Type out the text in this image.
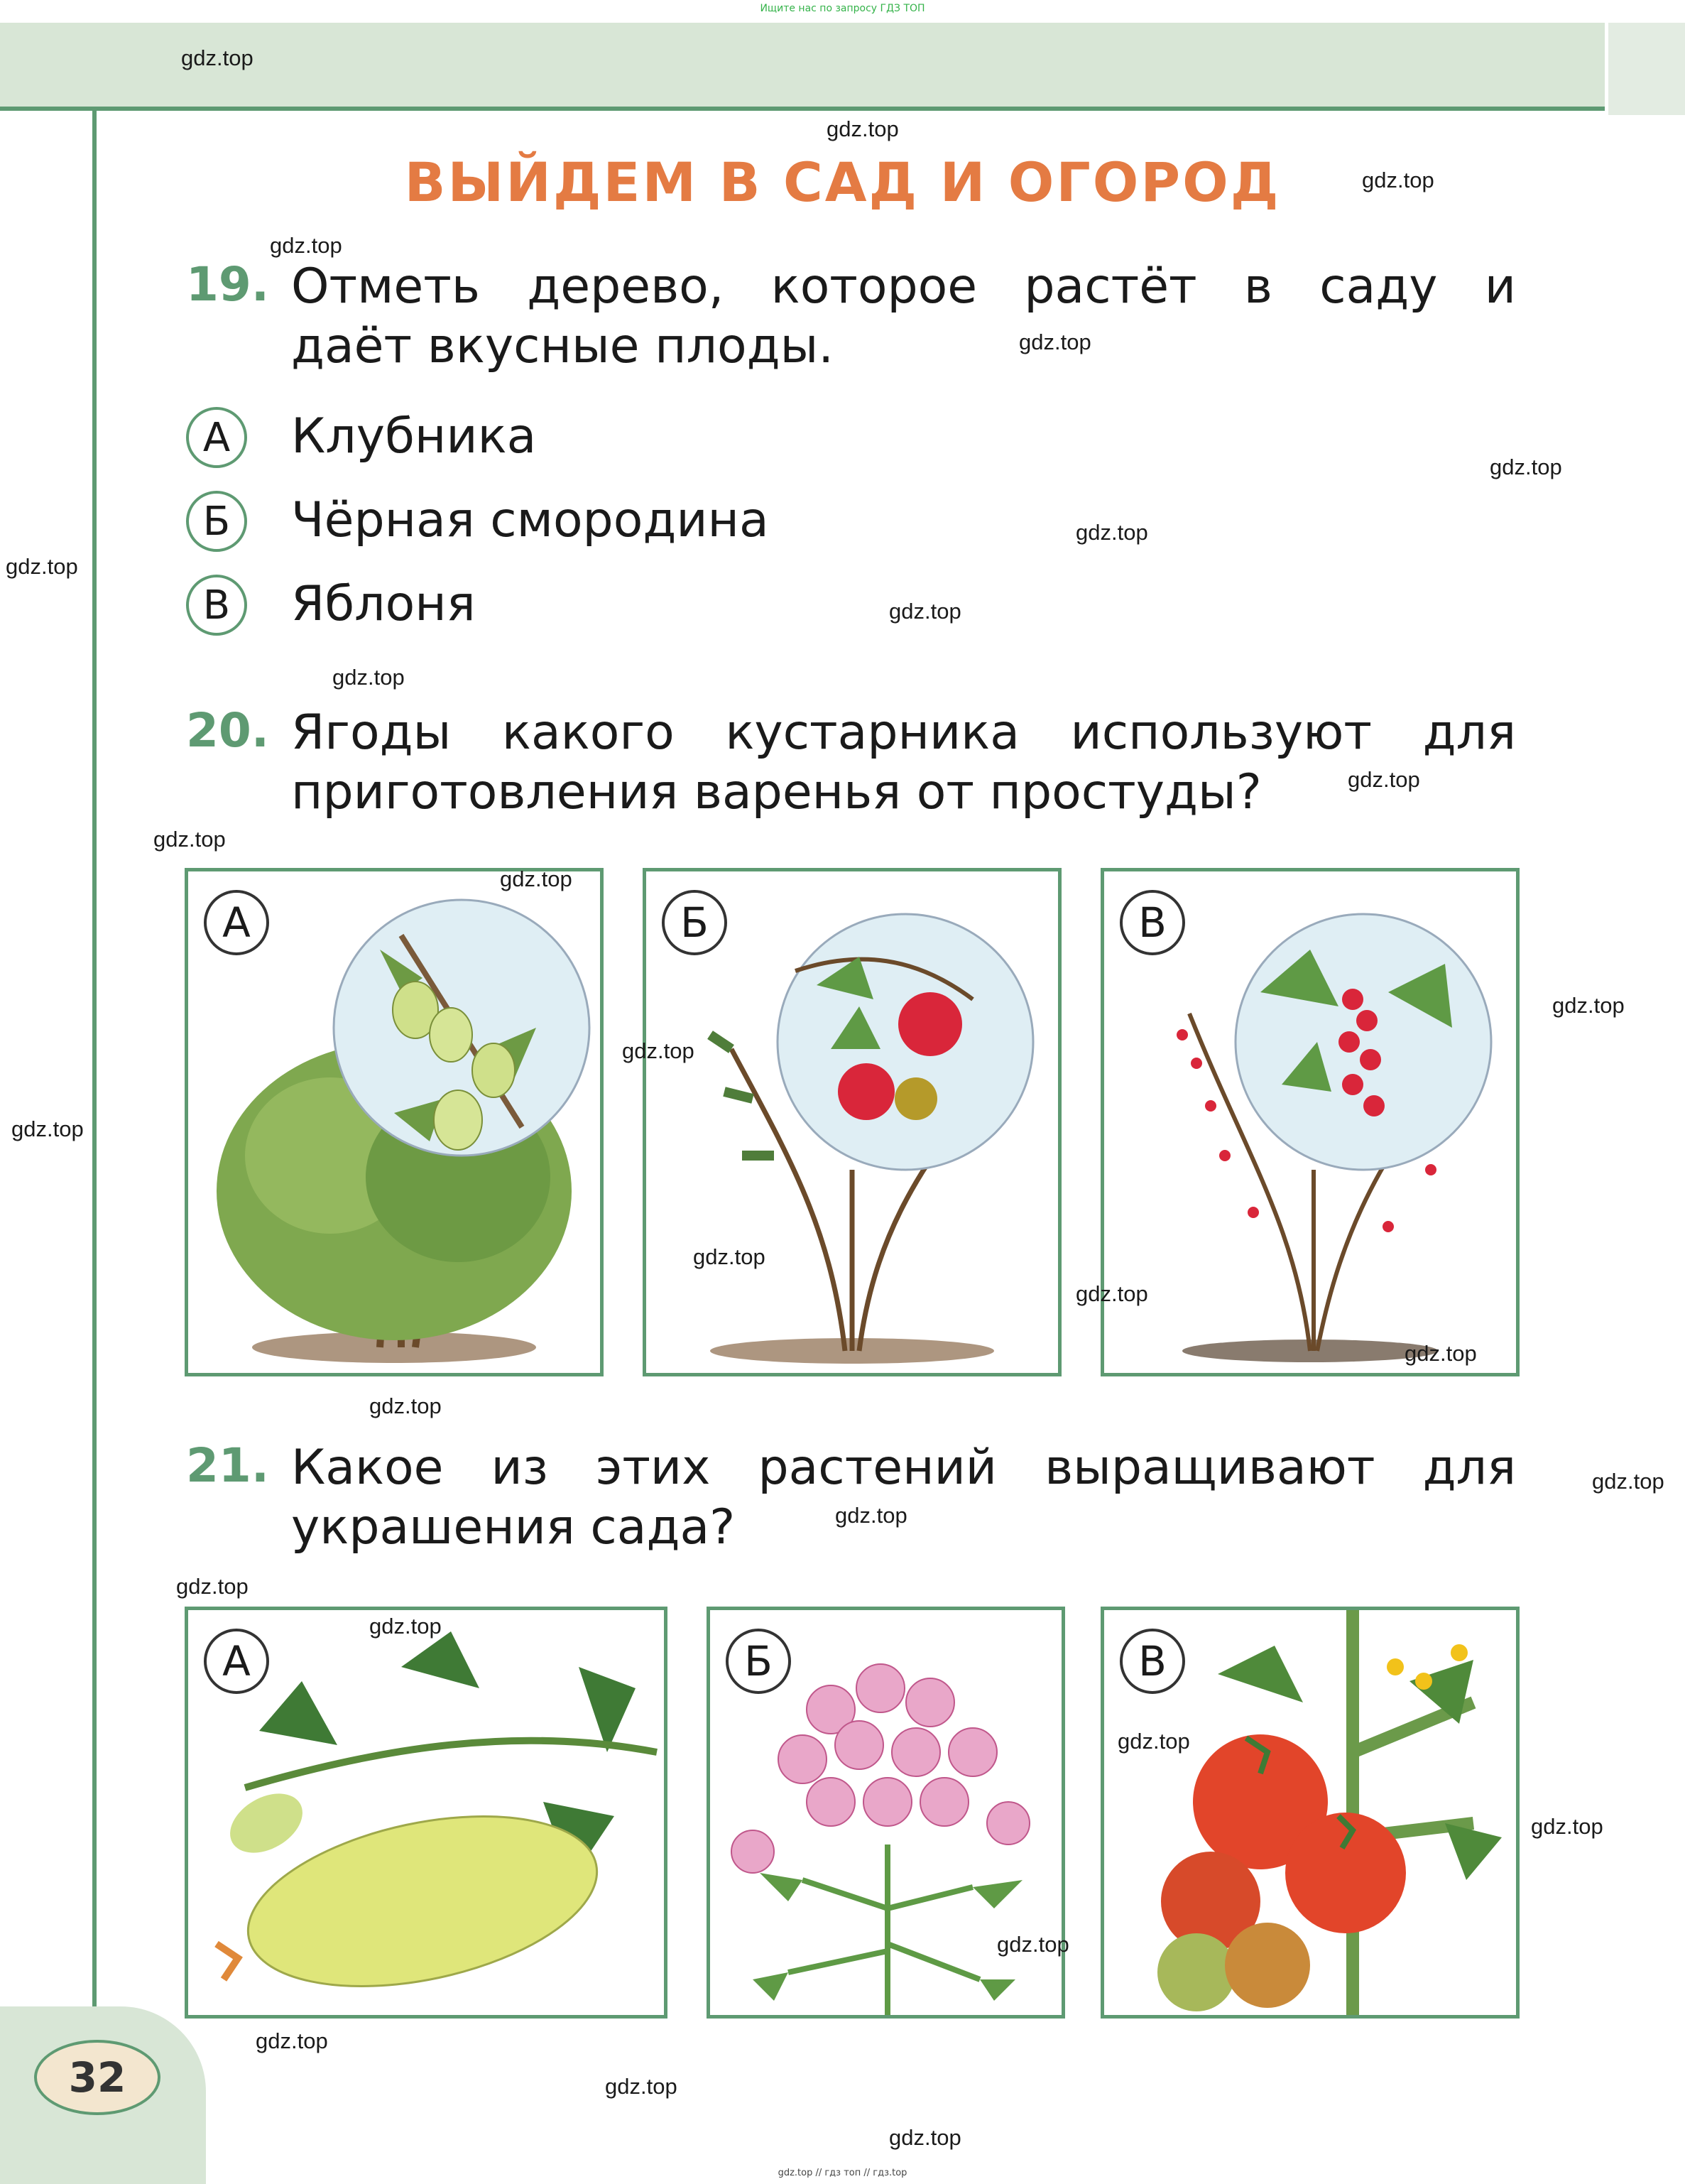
Ищите нас по запросу ГДЗ ТОП
ВЫЙДЕМ В САД И ОГОРОД
19. Отметь дерево, которое растёт в саду и
даёт вкусные плоды.
А	Клубника
Б	Чёрная смородина
В	Яблоня
20. Ягоды какого кустарника используют для
приготовления варенья от простуды?
А	Б	В
21. Какое из этих растений выращивают для
украшения сада?
А	Б	В
32
gdz.top
gdz.top
gdz.top
gdz.top
gdz.top
gdz.top
gdz.top
gdz.top
gdz.top
gdz.top
gdz.top
gdz.top
gdz.top
gdz.top
gdz.top
gdz.top
gdz.top
gdz.top
gdz.top
gdz.top
gdz.top
gdz.top
gdz.top
gdz.top
gdz.top
gdz.top
gdz.top
gdz.top
gdz.top
gdz.top
gdz.top // гдз топ // гдз.top
